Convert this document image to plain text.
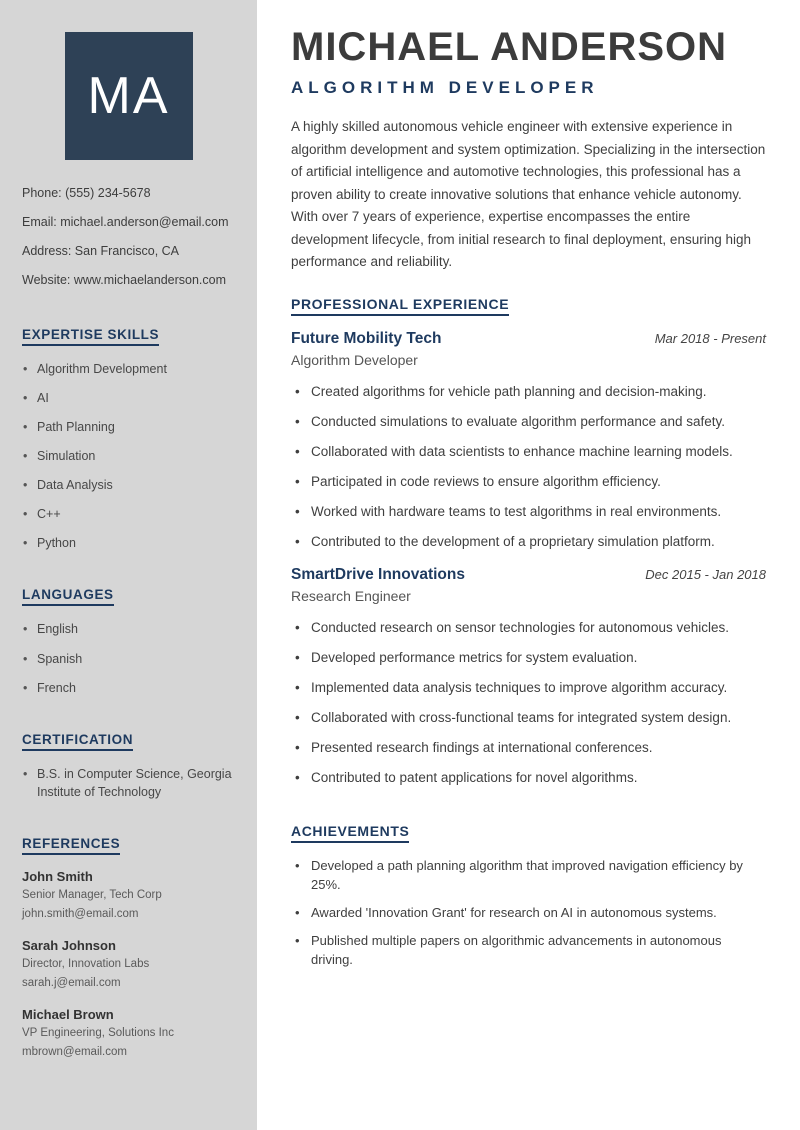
MA

Phone: (555) 234-5678

Email: michael.anderson@email.com

Address: San Francisco, CA

Website: www.michaelanderson.com

EXPERTISE SKILLS
• Algorithm Development
• AI
• Path Planning
• Simulation
• Data Analysis
• C++
• Python
LANGUAGES
• English
• Spanish
• French
CERTIFICATION
• B.S. in Computer Science, Georgia Institute of Technology
REFERENCES

John Smith

Senior Manager, Tech Corp

john.smith@email.com

Sarah Johnson

Director, Innovation Labs

sarah.j@email.com

Michael Brown

VP Engineering, Solutions Inc

mbrown@email.com

MICHAEL ANDERSON
ALGORITHM DEVELOPER

A highly skilled autonomous vehicle engineer with extensive experience in algorithm development and system optimization. Specializing in the intersection of artificial intelligence and automotive technologies, this professional has a proven ability to create innovative solutions that enhance vehicle autonomy. With over 7 years of experience, expertise encompasses the entire development lifecycle, from initial research to final deployment, ensuring high performance and reliability.

PROFESSIONAL EXPERIENCE
Future Mobility Tech	Mar 2018 - Present

Algorithm Developer

• Created algorithms for vehicle path planning and decision-making.
• Conducted simulations to evaluate algorithm performance and safety.
• Collaborated with data scientists to enhance machine learning models.
• Participated in code reviews to ensure algorithm efficiency.
• Worked with hardware teams to test algorithms in real environments.
• Contributed to the development of a proprietary simulation platform.
SmartDrive Innovations	Dec 2015 - Jan 2018

Research Engineer

• Conducted research on sensor technologies for autonomous vehicles.
• Developed performance metrics for system evaluation.
• Implemented data analysis techniques to improve algorithm accuracy.
• Collaborated with cross-functional teams for integrated system design.
• Presented research findings at international conferences.
• Contributed to patent applications for novel algorithms.
ACHIEVEMENTS
• Developed a path planning algorithm that improved navigation efficiency by 25%.
• Awarded 'Innovation Grant' for research on AI in autonomous systems.
• Published multiple papers on algorithmic advancements in autonomous driving.
